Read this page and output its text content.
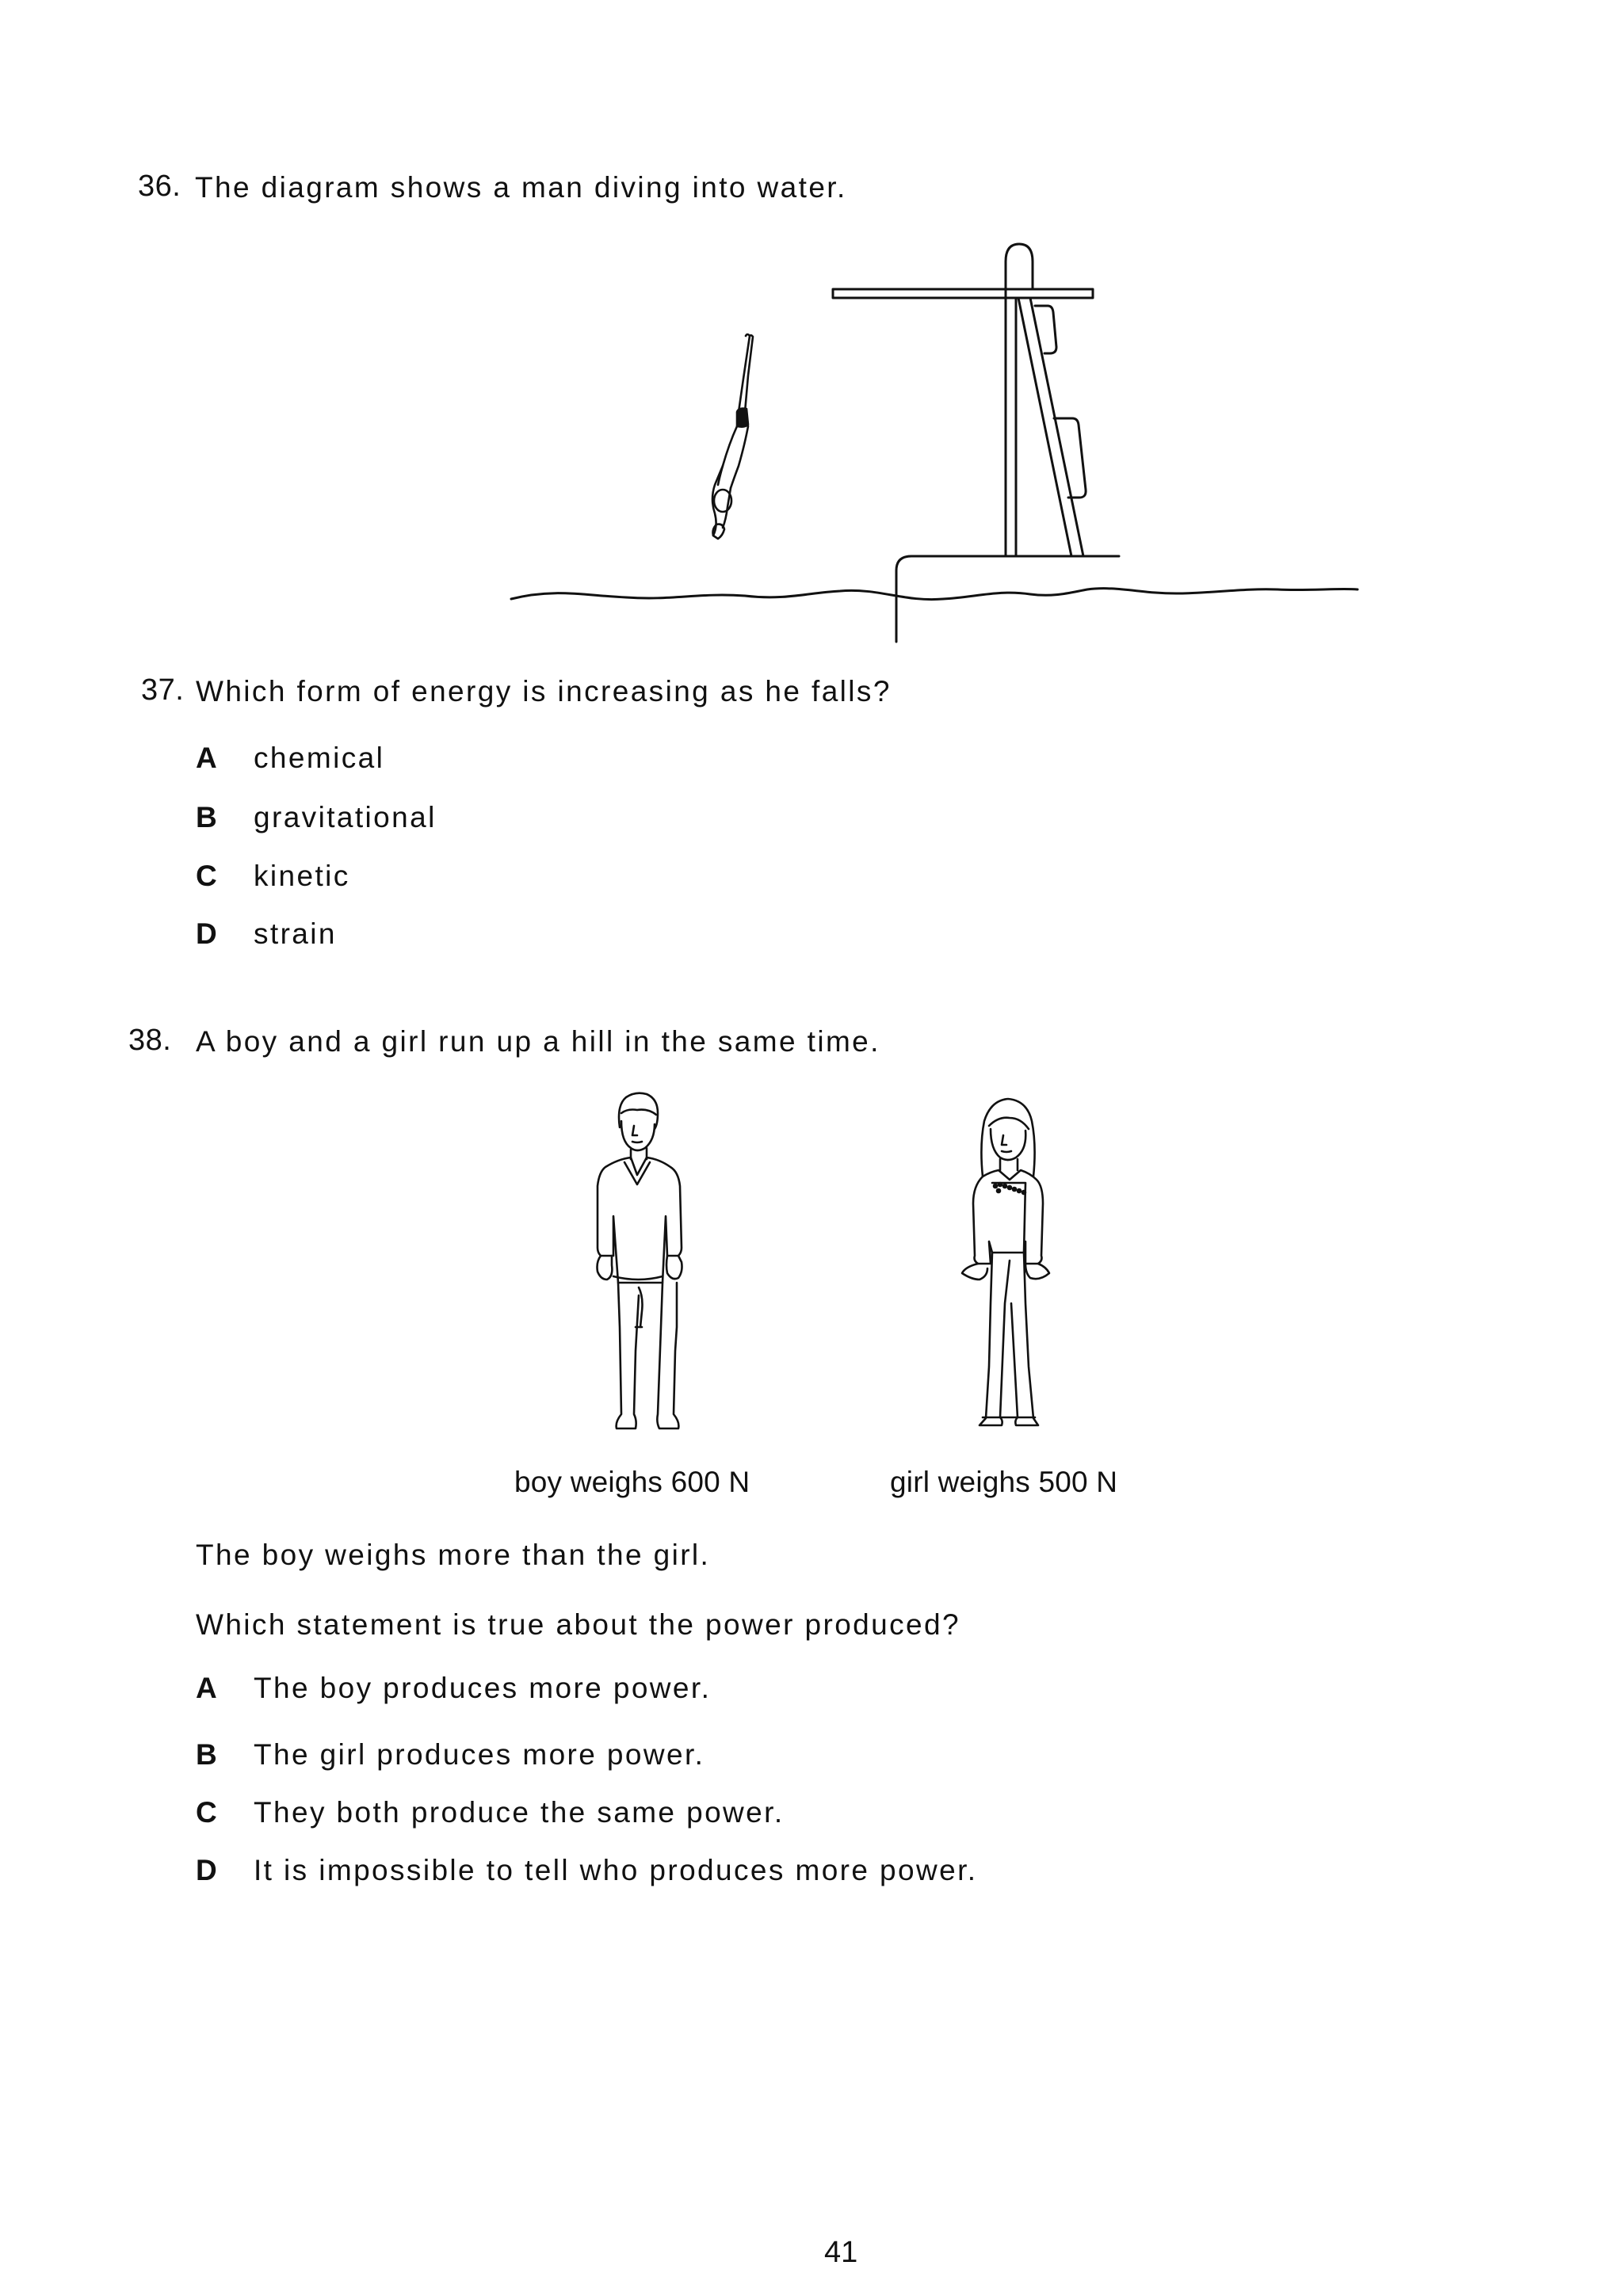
36. The diagram shows a man diving into water.
37. Which form of energy is increasing as he falls?
A chemical
B gravitational
C kinetic
D strain
38. A boy and a girl run up a hill in the same time.
boy weighs 600 N	girl weighs 500 N
The boy weighs more than the girl.
Which statement is true about the power produced?
A The boy produces more power.
B The girl produces more power.
C They both produce the same power.
D It is impossible to tell who produces more power.
41
